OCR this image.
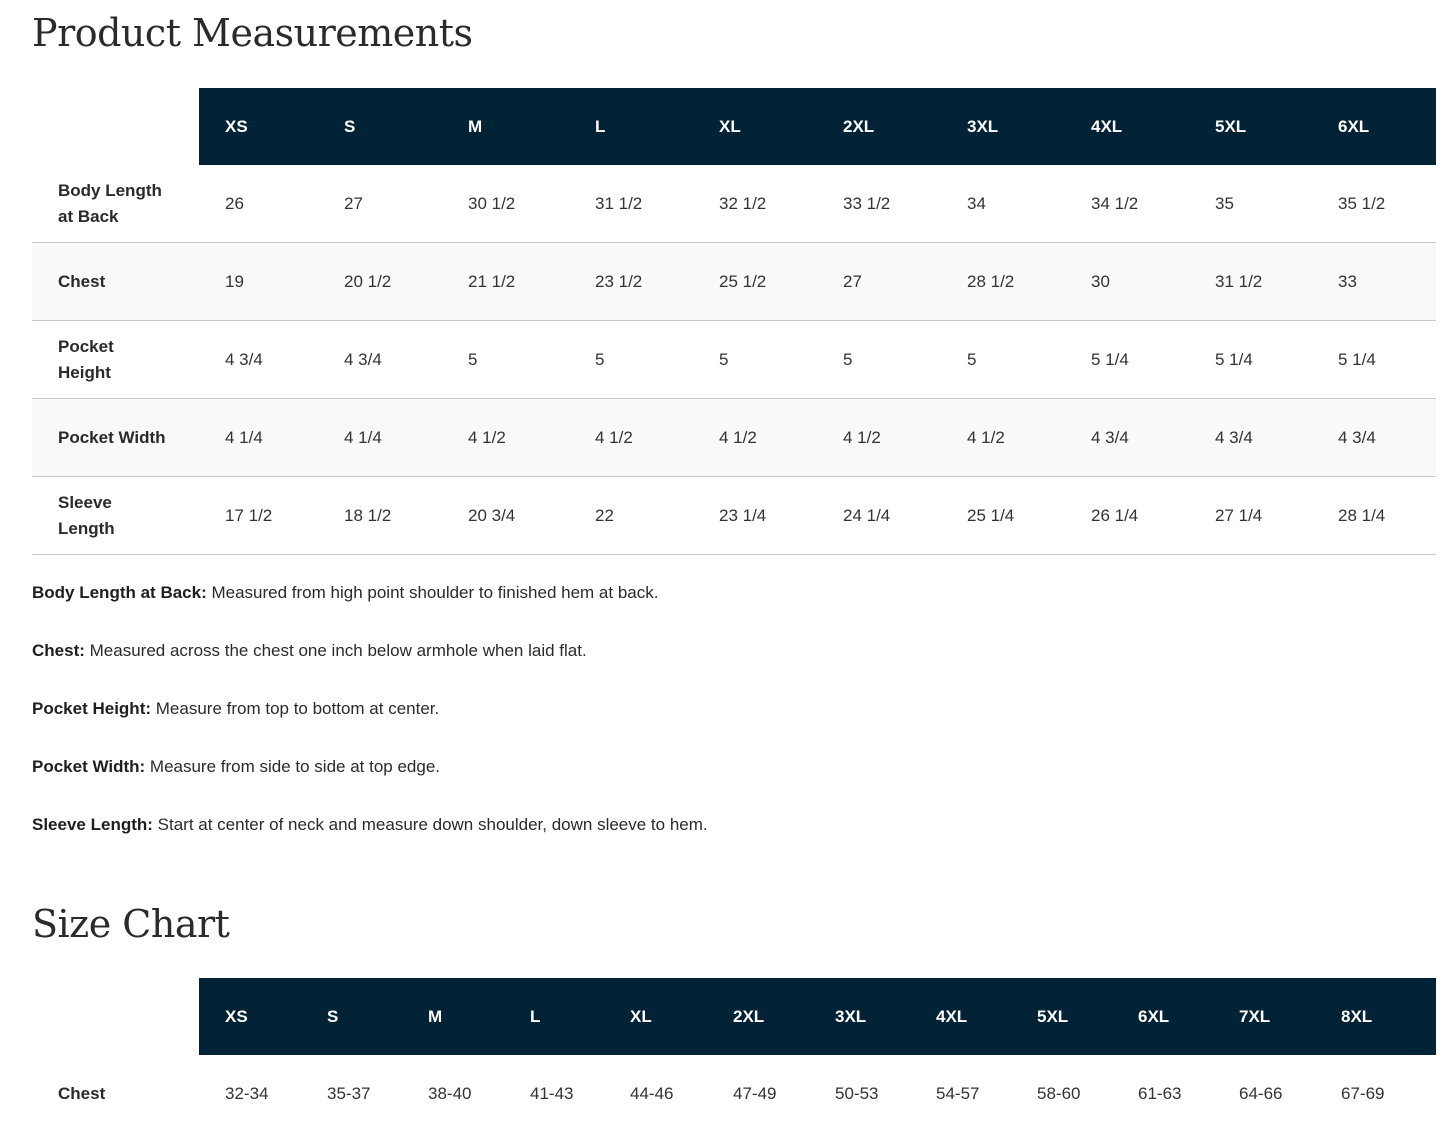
Product Measurements
	XS	S	M	L	XL	2XL	3XL	4XL	5XL	6XL
Body Length at Back	26	27	30 1/2	31 1/2	32 1/2	33 1/2	34	34 1/2	35	35 1/2
Chest	19	20 1/2	21 1/2	23 1/2	25 1/2	27	28 1/2	30	31 1/2	33
Pocket Height	4 3/4	4 3/4	5	5	5	5	5	5 1/4	5 1/4	5 1/4
Pocket Width	4 1/4	4 1/4	4 1/2	4 1/2	4 1/2	4 1/2	4 1/2	4 3/4	4 3/4	4 3/4
Sleeve Length	17 1/2	18 1/2	20 3/4	22	23 1/4	24 1/4	25 1/4	26 1/4	27 1/4	28 1/4

Body Length at Back: Measured from high point shoulder to finished hem at back.

Chest: Measured across the chest one inch below armhole when laid flat.

Pocket Height: Measure from top to bottom at center.

Pocket Width: Measure from side to side at top edge.

Sleeve Length: Start at center of neck and measure down shoulder, down sleeve to hem.

Size Chart
	XS	S	M	L	XL	2XL	3XL	4XL	5XL	6XL	7XL	8XL
Chest	32-34	35-37	38-40	41-43	44-46	47-49	50-53	54-57	58-60	61-63	64-66	67-69
